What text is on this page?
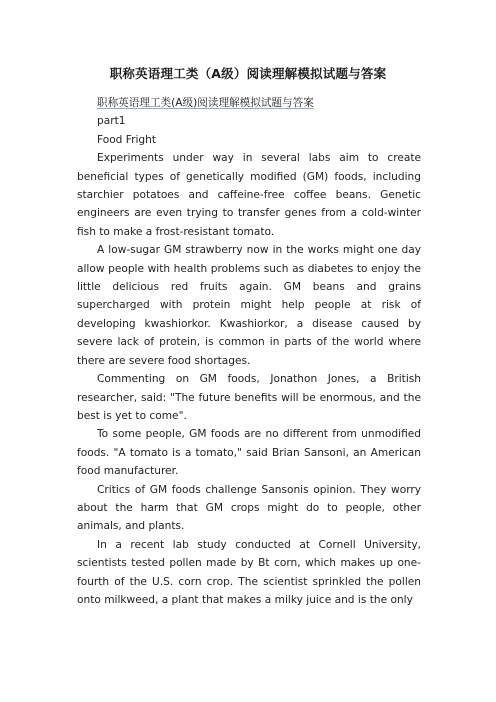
职称英语理工类（A级）阅读理解模拟试题与答案
职称英语理工类(A级)阅读理解模拟试题与答案
part1
Food Fright

Experiments under way in several labs aim to create beneficial types of genetically modified (GM) foods, including starchier potatoes and caffeine-free coffee beans. Genetic engineers are even trying to transfer genes from a cold-winter fish to make a frost-resistant tomato.

A low-sugar GM strawberry now in the works might one day allow people with health problems such as diabetes to enjoy the little delicious red fruits again. GM beans and grains supercharged with protein might help people at risk of developing kwashiorkor. Kwashiorkor, a disease caused by severe lack of protein, is common in parts of the world where there are severe food shortages.

Commenting on GM foods, Jonathon Jones, a British researcher, said: "The future benefits will be enormous, and the best is yet to come".

To some people, GM foods are no different from unmodified foods. "A tomato is a tomato," said Brian Sansoni, an American food manufacturer.

Critics of GM foods challenge Sansonis opinion. They worry about the harm that GM crops might do to people, other animals, and plants.

In a recent lab study conducted at Cornell University, scientists tested pollen made by Bt corn, which makes up one-fourth of the U.S. corn crop. The scientist sprinkled the pollen onto milkweed, a plant that makes a milky juice and is the only
